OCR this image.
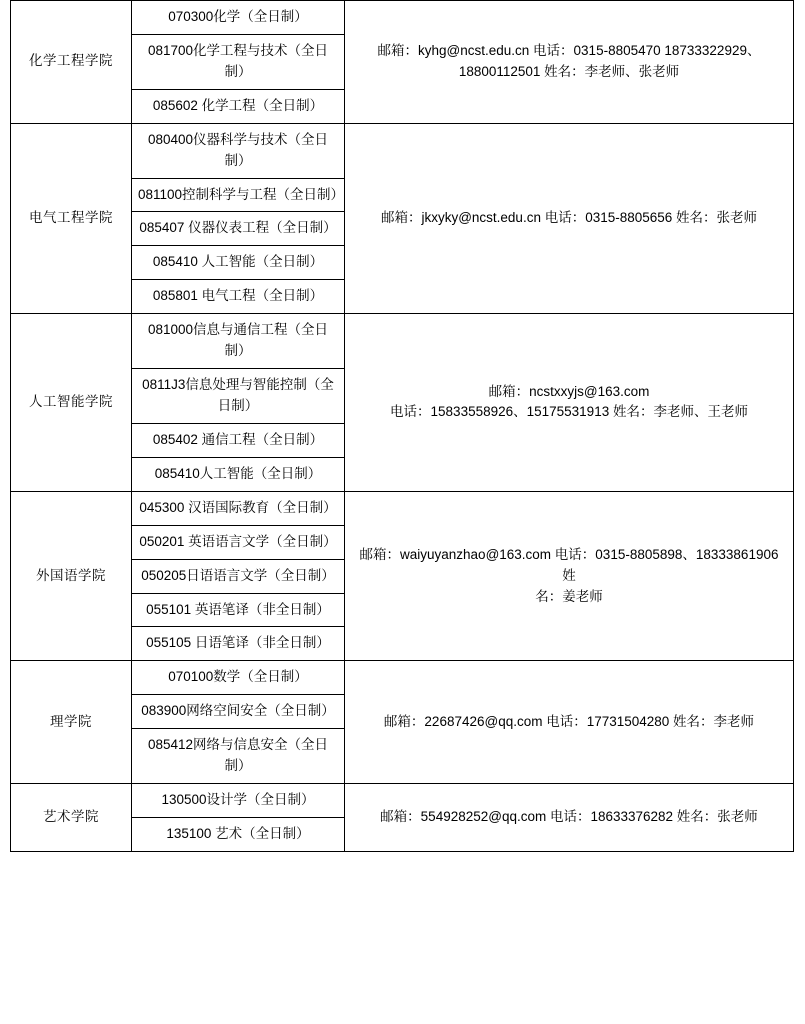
化学工程学院	070300化学（全日制）	邮箱：kyhg@ncst.edu.cn 电话：0315-8805470 18733322929、
18800112501 姓名：李老师、张老师

	081700化学工程与技术（全日制）	
	085602 化学工程（全日制）	
电气工程学院	080400仪器科学与技术（全日制）	邮箱：jkxyky@ncst.edu.cn 电话：0315-8805656 姓名：张老师

	081100控制科学与工程（全日制）	
	085407 仪器仪表工程（全日制）	
	085410 人工智能（全日制）	
	085801 电气工程（全日制）	
人工智能学院	081000信息与通信工程（全日制）	邮箱：ncstxxyjs@163.com
电话：15833558926、15175531913 姓名：李老师、王老师

	0811J3信息处理与智能控制（全日制）	
	085402 通信工程（全日制）	
	085410人工智能（全日制）	
外国语学院	045300 汉语国际教育（全日制）	邮箱：waiyuyanzhao@163.com 电话：0315-8805898、18333861906 姓
名：姜老师

	050201 英语语言文学（全日制）	
	050205日语语言文学（全日制）	
	055101 英语笔译（非全日制）	
	055105 日语笔译（非全日制）	
理学院	070100数学（全日制）	邮箱：22687426@qq.com 电话：17731504280 姓名：李老师

	083900网络空间安全（全日制）	
	085412网络与信息安全（全日制）	
艺术学院	130500设计学（全日制）	邮箱：554928252@qq.com 电话：18633376282 姓名：张老师

	135100 艺术（全日制）	
